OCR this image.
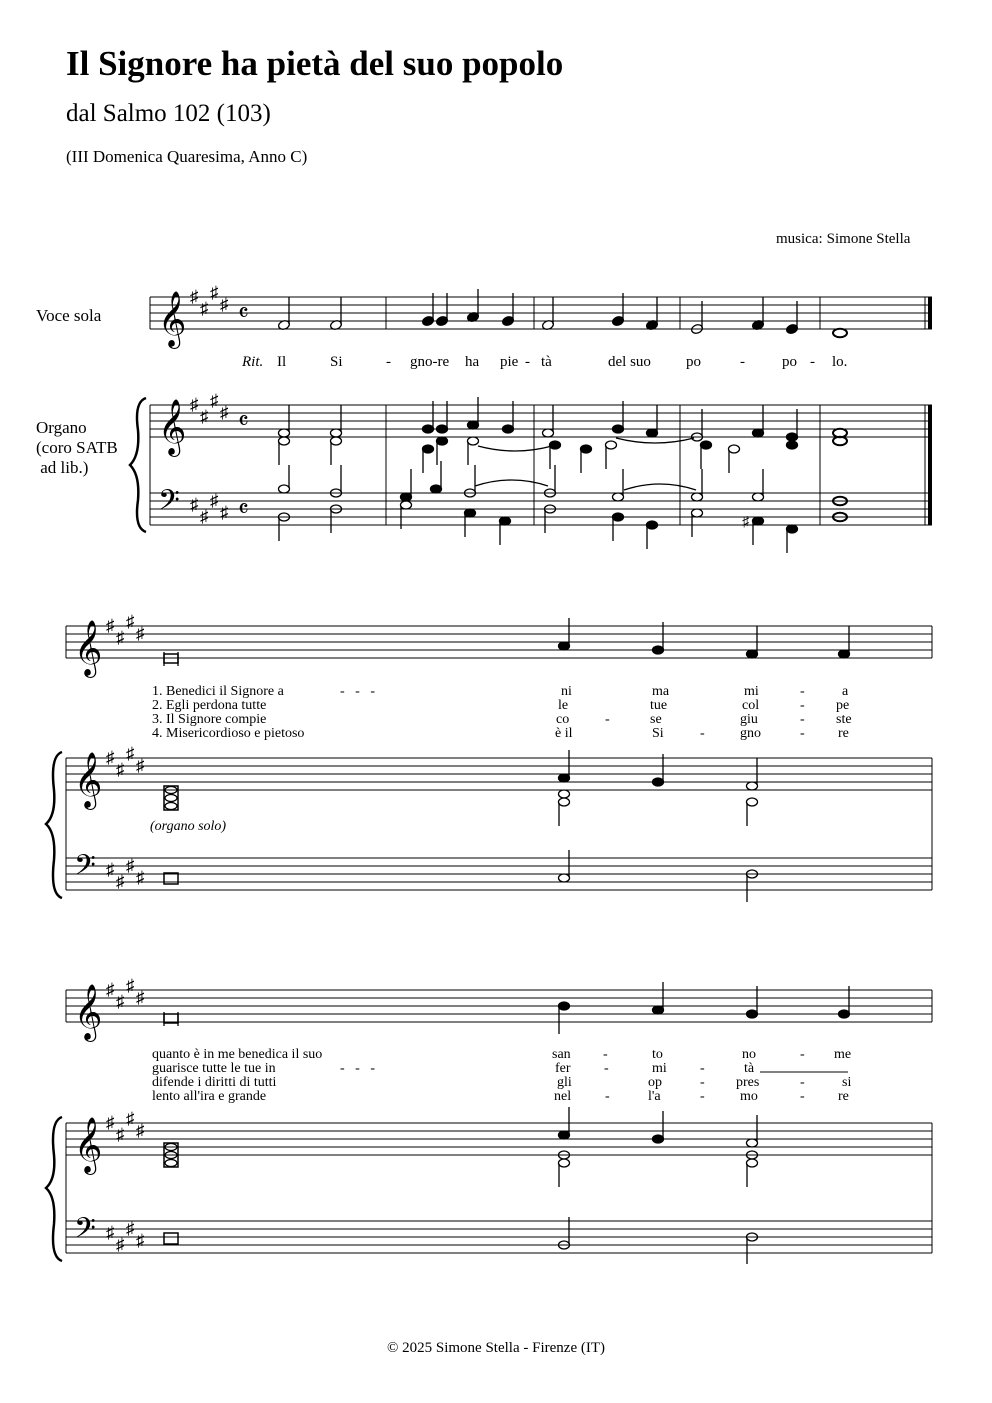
Il Signore ha pietà del suo popolo
dal Salmo 102 (103)
(III Domenica Quaresima, Anno C)
musica: Simone Stella
Voce sola
Organo
(coro SATB
ad lib.)
𝄞
𝄞
𝄢
♯
♯
♯
♯
♯
♯
♯
♯
♯
♯
♯
♯
𝄴
𝄴
𝄴	♯
Rit. Il	Si	- gno-re ha pie - tà	del suo po	- po - lo.
𝄞
𝄞
𝄢
♯
♯
♯
♯
♯
♯
♯
♯
♯
♯
♯
♯
(organo solo)
1. Benedici il Signore a	-   -   -	ni	ma	mi	-	a
2. Egli perdona tutte	le	tue	col	- pe
3. Il Signore compie	co	-	se	giu	- ste
4. Misericordioso e pietoso	è il	Si	-	gno	- re
𝄞
𝄞
𝄢
♯
♯
♯
♯
♯
♯
♯
♯
♯
♯
♯
♯
quanto è in me benedica il suo	san -	to	no	- me
guarisce tutte le tue in	-   -   -	fer -	mi -	tà
difende i diritti di tutti	gli	op	- pres	-	si
lento all'ira e grande	nel -	l'a	-	mo	- re
© 2025 Simone Stella - Firenze (IT)
